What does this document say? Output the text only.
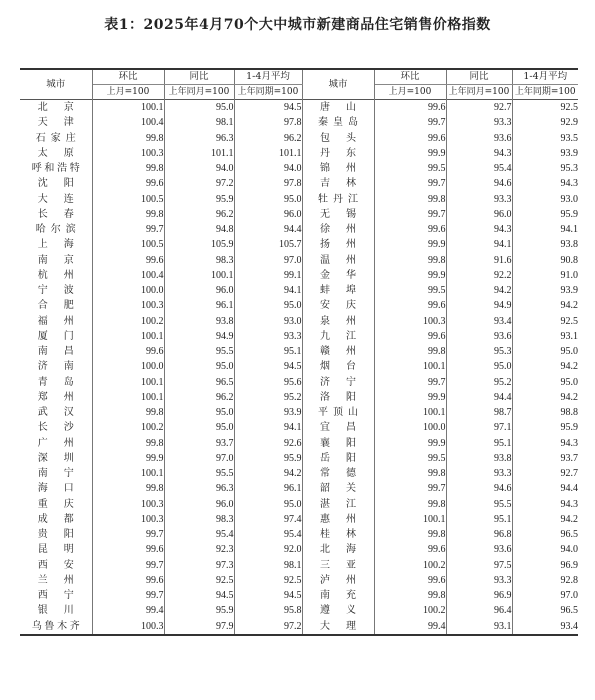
表1：2025年4月70个大中城市新建商品住宅销售价格指数
城市	环比	同比	1-4月平均	城市	环比	同比	1-4月平均
	上月=100	上年同月=100	上年同期=100		上月=100	上年同月=100	上年同期=100
北京	100.1	95.0	94.5	唐山	99.6	92.7	92.5
天津	100.4	98.1	97.8	秦皇岛	99.7	93.3	92.9
石家庄	99.8	96.3	96.2	包头	99.6	93.6	93.5
太原	100.3	101.1	101.1	丹东	99.9	94.3	93.9
呼和浩特	99.8	94.0	94.0	锦州	99.5	95.4	95.3
沈阳	99.6	97.2	97.8	吉林	99.7	94.6	94.3
大连	100.5	95.9	95.0	牡丹江	99.8	93.3	93.0
长春	99.8	96.2	96.0	无锡	99.7	96.0	95.9
哈尔滨	99.7	94.8	94.4	徐州	99.6	94.3	94.1
上海	100.5	105.9	105.7	扬州	99.9	94.1	93.8
南京	99.6	98.3	97.0	温州	99.8	91.6	90.8
杭州	100.4	100.1	99.1	金华	99.9	92.2	91.0
宁波	100.0	96.0	94.1	蚌埠	99.5	94.2	93.9
合肥	100.3	96.1	95.0	安庆	99.6	94.9	94.2
福州	100.2	93.8	93.0	泉州	100.3	93.4	92.5
厦门	100.1	94.9	93.3	九江	99.6	93.6	93.1
南昌	99.6	95.5	95.1	赣州	99.8	95.3	95.0
济南	100.0	95.0	94.5	烟台	100.1	95.0	94.2
青岛	100.1	96.5	95.6	济宁	99.7	95.2	95.0
郑州	100.1	96.2	95.2	洛阳	99.9	94.4	94.2
武汉	99.8	95.0	93.9	平顶山	100.1	98.7	98.8
长沙	100.2	95.0	94.1	宜昌	100.0	97.1	95.9
广州	99.8	93.7	92.6	襄阳	99.9	95.1	94.3
深圳	99.9	97.0	95.9	岳阳	99.5	93.8	93.7
南宁	100.1	95.5	94.2	常德	99.8	93.3	92.7
海口	99.8	96.3	96.1	韶关	99.7	94.6	94.4
重庆	100.3	96.0	95.0	湛江	99.8	95.5	94.3
成都	100.3	98.3	97.4	惠州	100.1	95.1	94.2
贵阳	99.7	95.4	95.4	桂林	99.8	96.8	96.5
昆明	99.6	92.3	92.0	北海	99.6	93.6	94.0
西安	99.7	97.3	98.1	三亚	100.2	97.5	96.9
兰州	99.6	92.5	92.5	泸州	99.6	93.3	92.8
西宁	99.7	94.5	94.5	南充	99.8	96.9	97.0
银川	99.4	95.9	95.8	遵义	100.2	96.4	96.5
乌鲁木齐	100.3	97.9	97.2	大理	99.4	93.1	93.4
